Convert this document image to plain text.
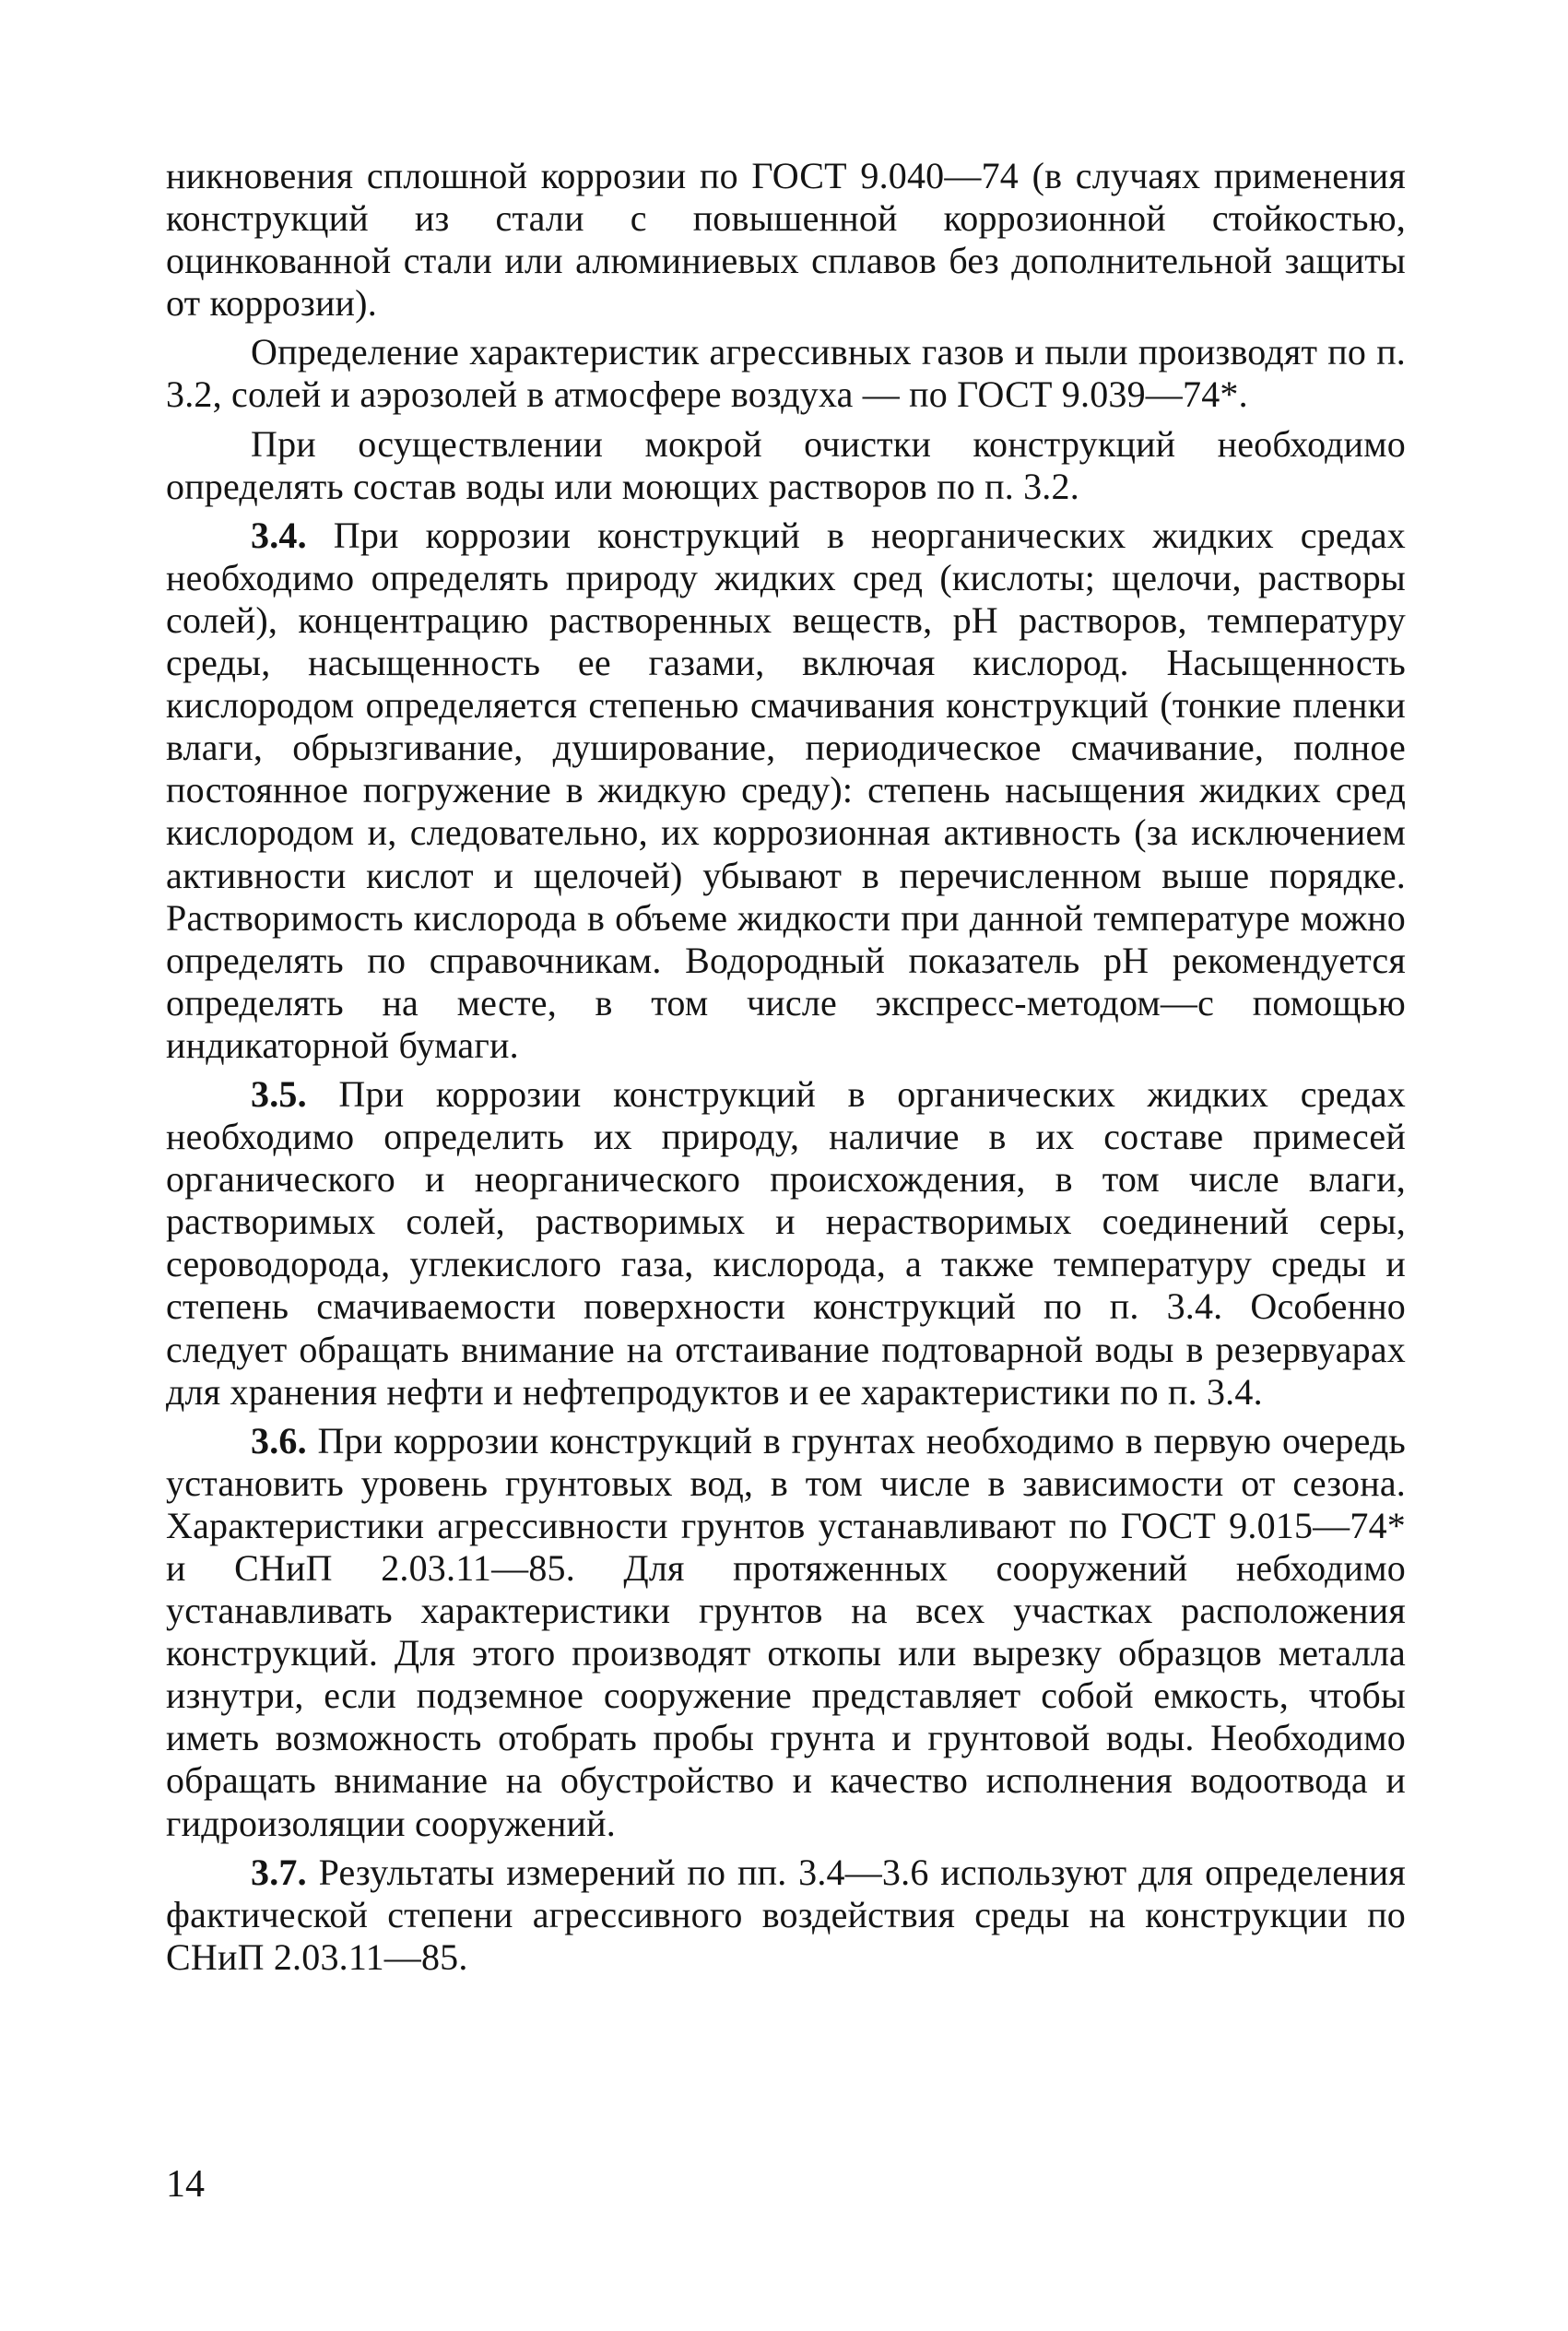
никновения сплошной коррозии по ГОСТ 9.040—74 (в случаях применения конструкций из стали с повышенной коррозионной стойкостью, оцинкованной стали или алюминиевых сплавов без дополнительной защиты от коррозии).

Определение характеристик агрессивных газов и пыли производят по п. 3.2, солей и аэрозолей в атмосфере воздуха — по ГОСТ 9.039—74*.

При осуществлении мокрой очистки конструкций необходимо определять состав воды или моющих растворов по п. 3.2.

3.4. При коррозии конструкций в неорганических жидких средах необходимо определять природу жидких сред (кислоты; щелочи, растворы солей), концентрацию растворенных веществ, pH растворов, температуру среды, насыщенность ее газами, включая кислород. Насыщенность кислородом определяется степенью смачивания конструкций (тонкие пленки влаги, обрызгивание, душирование, периодическое смачивание, полное постоянное погружение в жидкую среду): степень насыщения жидких сред кислородом и, следовательно, их коррозионная активность (за исключением активности кислот и щелочей) убывают в перечисленном выше порядке. Растворимость кислорода в объеме жидкости при данной температуре можно определять по справочникам. Водородный показатель pH рекомендуется определять на месте, в том числе экспресс-методом—с помощью индикаторной бумаги.

3.5. При коррозии конструкций в органических жидких средах необходимо определить их природу, наличие в их составе примесей органического и неорганического происхождения, в том числе влаги, растворимых солей, растворимых и нерастворимых соединений серы, сероводорода, углекислого газа, кислорода, а также температуру среды и степень смачиваемости поверхности конструкций по п. 3.4. Особенно следует обращать внимание на отстаивание подтоварной воды в резервуарах для хранения нефти и нефтепродуктов и ее характеристики по п. 3.4.

3.6. При коррозии конструкций в грунтах необходимо в первую очередь установить уровень грунтовых вод, в том числе в зависимости от сезона. Характеристики агрессивности грунтов устанавливают по ГОСТ 9.015—74* и СНиП 2.03.11—85. Для протяженных сооружений небходимо устанавливать характеристики грунтов на всех участках расположения конструкций. Для этого производят откопы или вырезку образцов металла изнутри, если подземное сооружение представляет собой емкость, чтобы иметь возможность отобрать пробы грунта и грунтовой воды. Необходимо обращать внимание на обустройство и качество исполнения водоотвода и гидроизоляции сооружений.

3.7. Результаты измерений по пп. 3.4—3.6 используют для определения фактической степени агрессивного воздействия среды на конструкции по СНиП 2.03.11—85.

14
